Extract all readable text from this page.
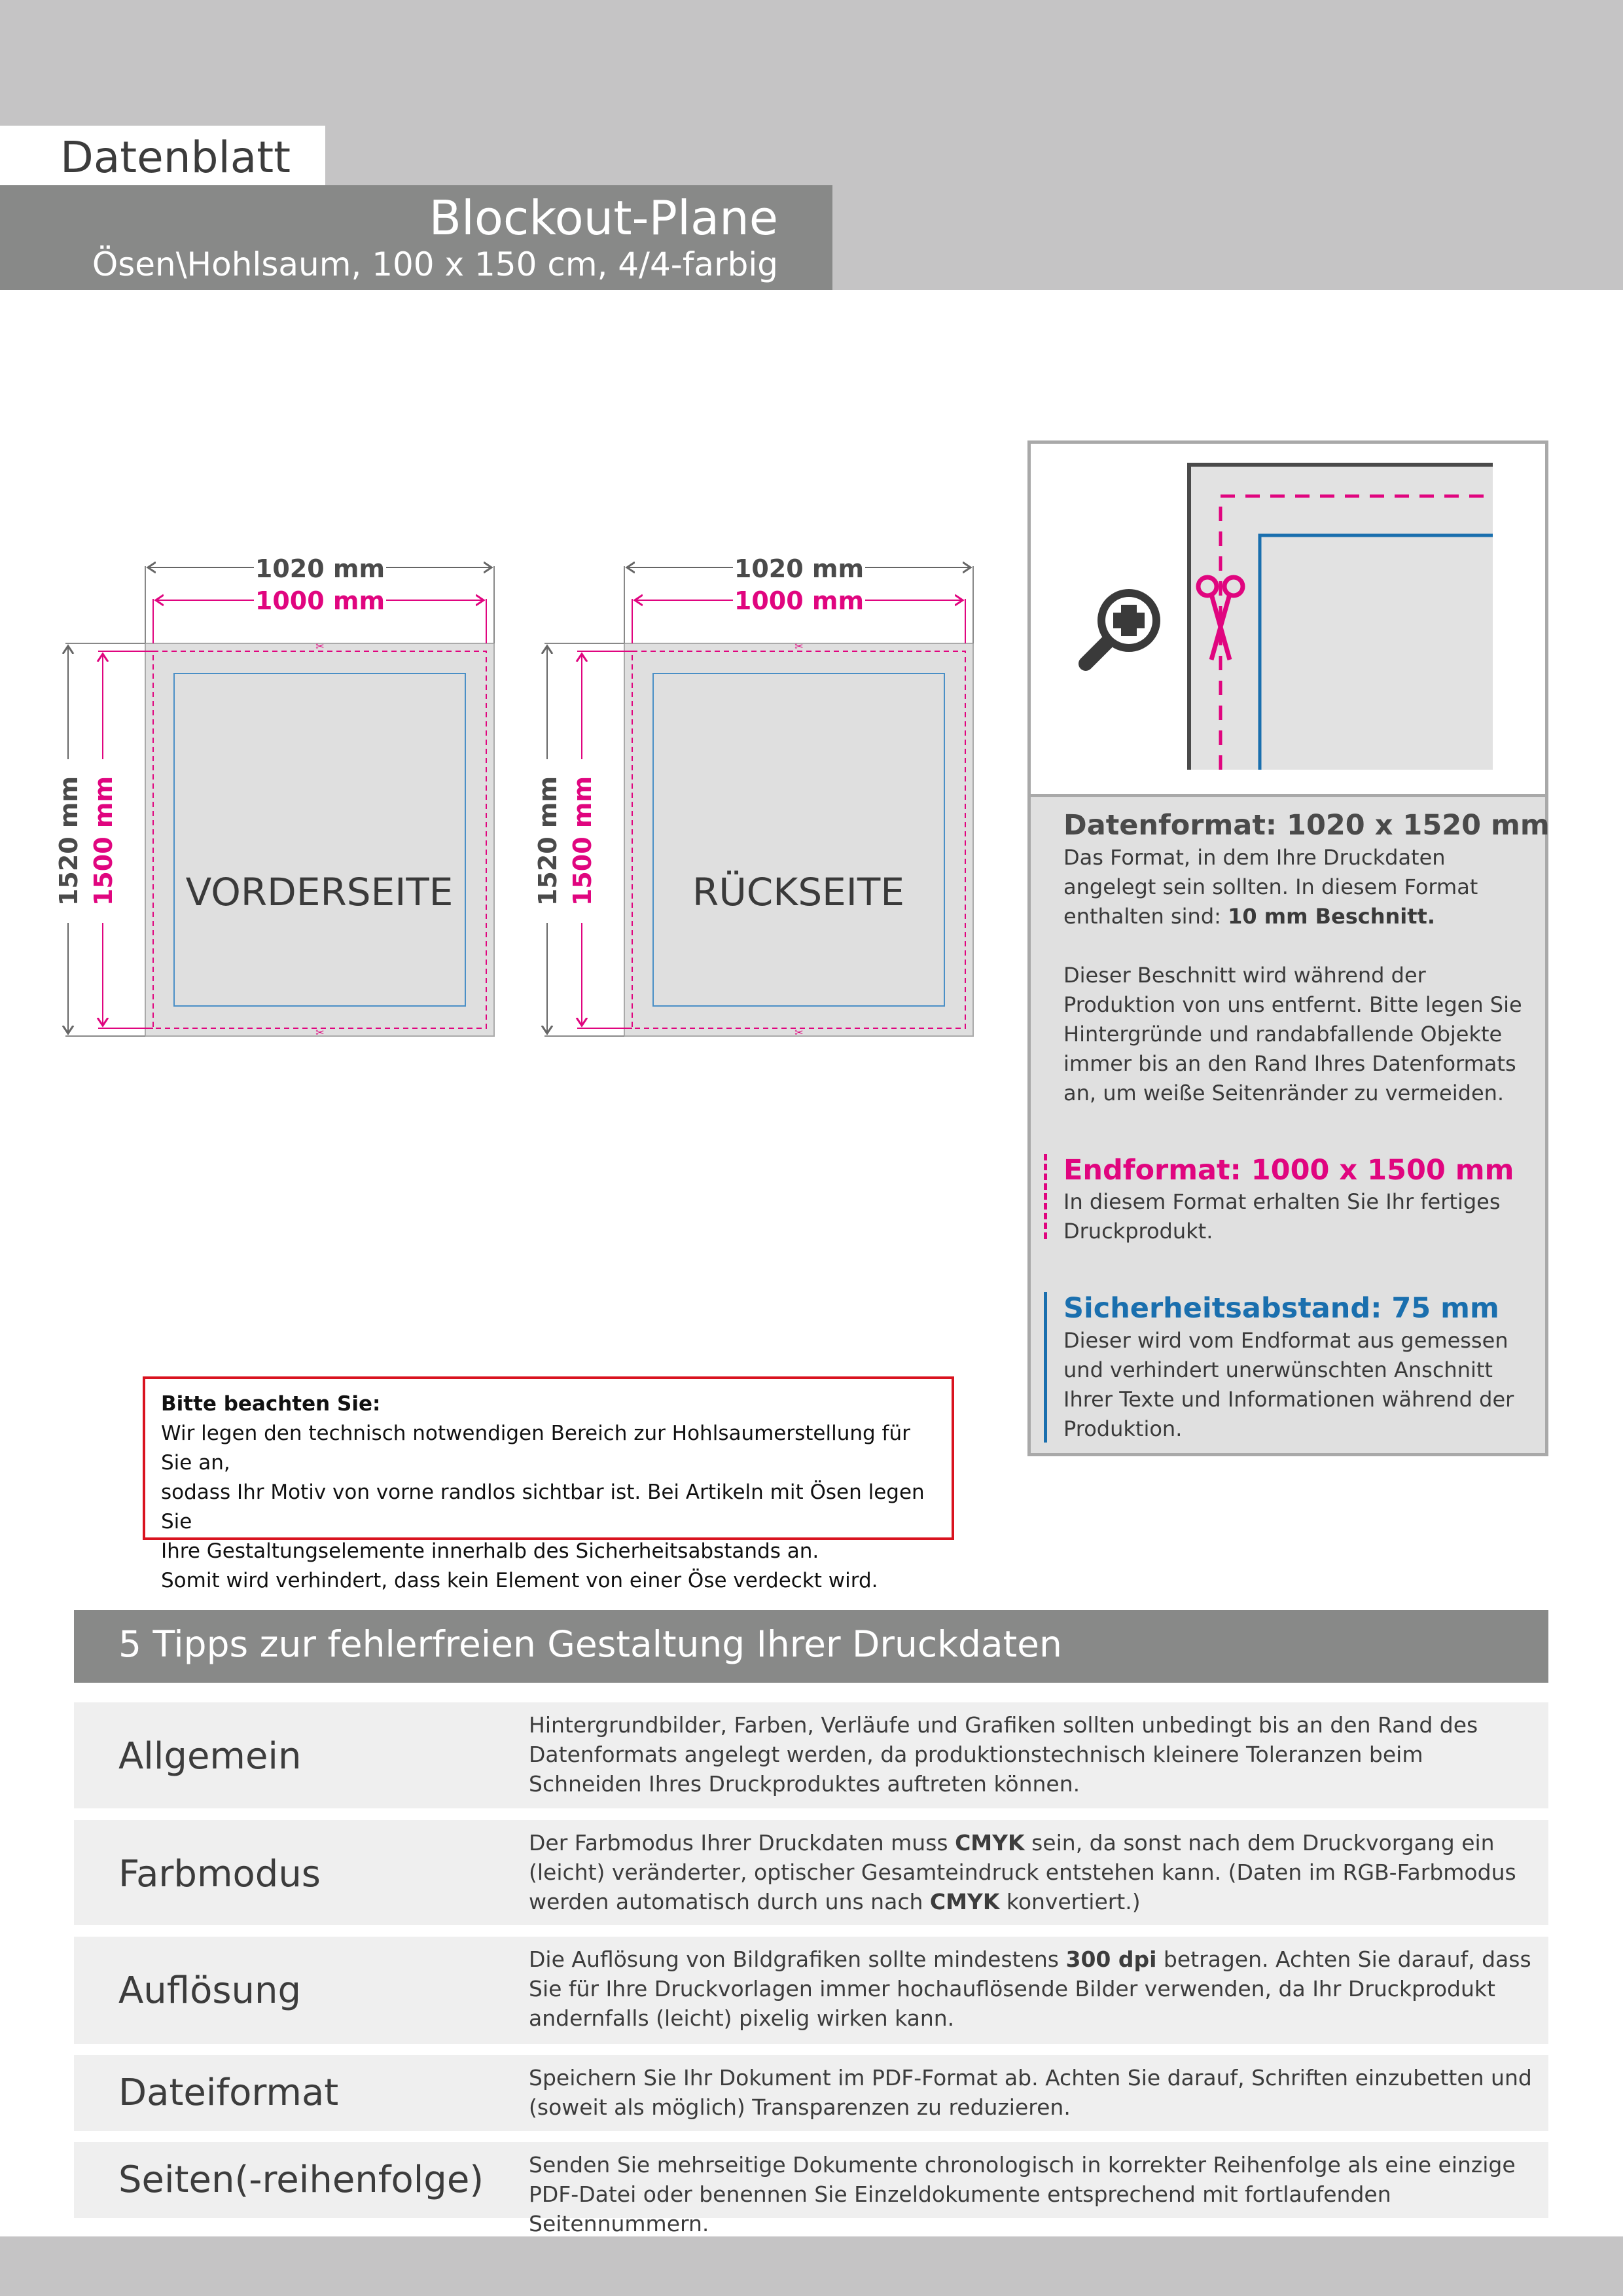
Datenblatt
Blockout-Plane
Ösen\Hohlsaum, 100 x 150 cm, 4/4-farbig
VORDERSEITE
1020 mm
1000 mm
1520 mm 1500 mm
✂
✂
RÜCKSEITE
1020 mm
1000 mm
1520 mm 1500 mm
✂
✂

Datenformat: 1020 x 1520 mm

Das Format, in dem Ihre Druckdaten angelegt sein sollten. In diesem Format enthalten sind: 10 mm Beschnitt.

Dieser Beschnitt wird während der Produktion von uns entfernt. Bitte legen Sie Hintergründe und randabfallende Objekte immer bis an den Rand Ihres Datenformats an, um weiße Seitenränder zu vermeiden.

Endformat: 1000 x 1500 mm

In diesem Format erhalten Sie Ihr fertiges Druckprodukt.

Sicherheitsabstand: 75 mm

Dieser wird vom Endformat aus gemessen und verhindert unerwünschten Anschnitt Ihrer Texte und Informationen während der Produktion.

Bitte beachten Sie:

Wir legen den technisch notwendigen Bereich zur Hohlsaumerstellung für Sie an,

sodass Ihr Motiv von vorne randlos sichtbar ist. Bei Artikeln mit Ösen legen Sie

Ihre Gestaltungselemente innerhalb des Sicherheitsabstands an.

Somit wird verhindert, dass kein Element von einer Öse verdeckt wird.

5 Tipps zur fehlerfreien Gestaltung Ihrer Druckdaten
Allgemein
Hintergrundbilder, Farben, Verläufe und Grafiken sollten unbedingt bis an den Rand des Datenformats angelegt werden, da produktionstechnisch kleinere Toleranzen beim Schneiden Ihres Druckproduktes auftreten können.
Farbmodus
Der Farbmodus Ihrer Druckdaten muss CMYK sein, da sonst nach dem Druckvorgang ein (leicht) veränderter, optischer Gesamteindruck entstehen kann. (Daten im RGB-Farbmodus werden automatisch durch uns nach CMYK konvertiert.)
Auflösung
Die Auflösung von Bildgrafiken sollte mindestens 300 dpi betragen. Achten Sie darauf, dass Sie für Ihre Druckvorlagen immer hochauflösende Bilder verwenden, da Ihr Druckprodukt andernfalls (leicht) pixelig wirken kann.
Dateiformat	Speichern Sie Ihr Dokument im PDF-Format ab. Achten Sie darauf, Schriften einzubetten und (soweit als möglich) Transparenzen zu reduzieren.
Seiten(-reihenfolge) Senden Sie mehrseitige Dokumente chronologisch in korrekter Reihenfolge als eine einzige PDF-Datei oder benennen Sie Einzeldokumente entsprechend mit fortlaufenden Seitennummern.
